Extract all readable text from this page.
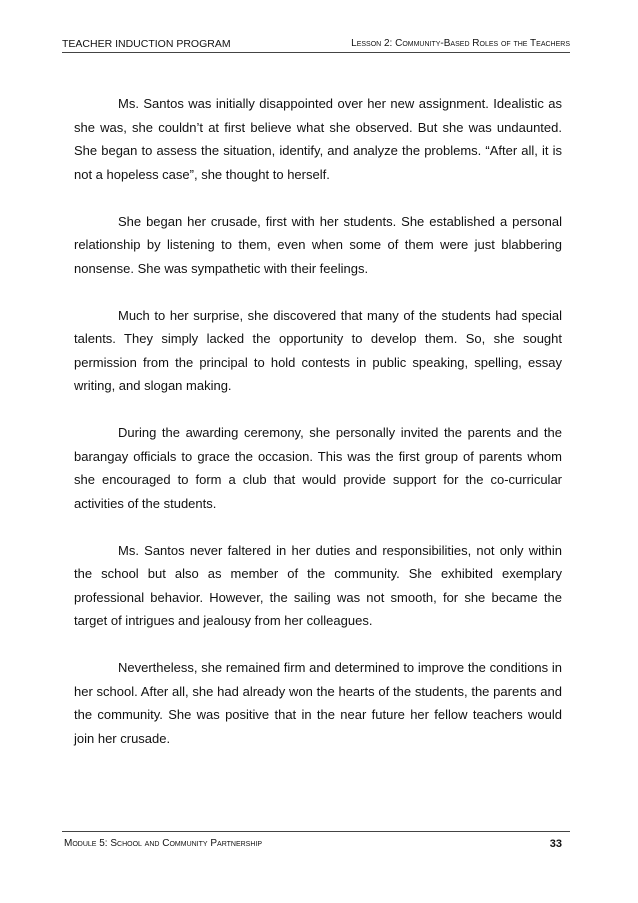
TEACHER INDUCTION PROGRAM	Lesson 2: Community-Based Roles of the Teachers

Ms. Santos was initially disappointed over her new assignment. Idealistic as she was, she couldn’t at first believe what she observed. But she was undaunted. She began to assess the situation, identify, and analyze the problems. “After all, it is not a hopeless case”, she thought to herself.

She began her crusade, first with her students. She established a personal relationship by listening to them, even when some of them were just blabbering nonsense. She was sympathetic with their feelings.

Much to her surprise, she discovered that many of the students had special talents. They simply lacked the opportunity to develop them. So, she sought permission from the principal to hold contests in public speaking, spelling, essay writing, and slogan making.

During the awarding ceremony, she personally invited the parents and the barangay officials to grace the occasion. This was the first group of parents whom she encouraged to form a club that would provide support for the co-curricular activities of the students.

Ms. Santos never faltered in her duties and responsibilities, not only within the school but also as member of the community. She exhibited exemplary professional behavior. However, the sailing was not smooth, for she became the target of intrigues and jealousy from her colleagues.

Nevertheless, she remained firm and determined to improve the conditions in her school. After all, she had already won the hearts of the students, the parents and the community. She was positive that in the near future her fellow teachers would join her crusade.

Module 5: School and Community Partnership	33
